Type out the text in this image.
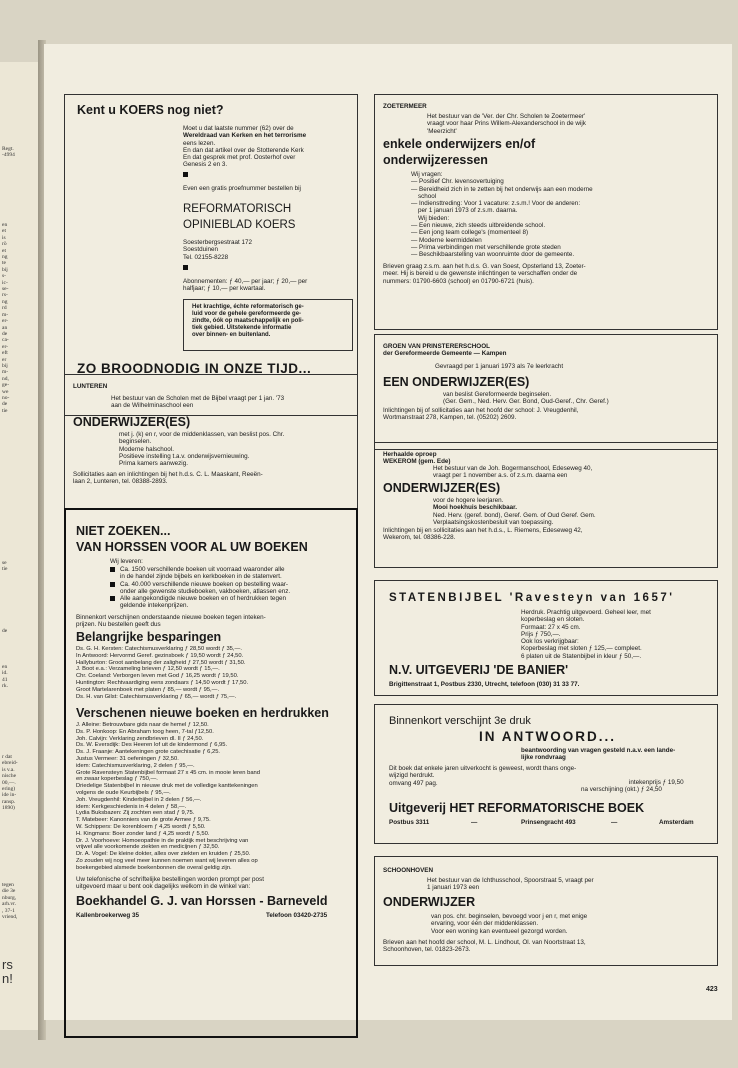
Regt.
-4994
en
et
is
rö
et
ng
te
bij
s-
ic-
se-
rs-
ng
rd
m-
er-
an
de
ca-
er-
eft
er
bij
m-
nd,
ge-
we
no-
de
tie
se
tie
de
en
id.
41
rk.
r dat
ebreid-
is v.a.
nische
00,—.
ering)
ide in-
ransp.
1890)
tegen
die 3e
nburg,
arh.vr.
, 37-1
vriend,
rs
n!
Kent u KOERS nog niet?
Moet u dat laatste nummer (62) over de
Wereldraad van Kerken en het terrorisme
eens lezen.
En dan dat artikel over de Stotterende Kerk
En dat gesprek met prof. Oosterhof over
Genesis 2 en 3.
Even een gratis proefnummer bestellen bij
REFORMATORISCH
OPINIEBLAD KOERS
Soesterbergsestraat 172
Soestduinen
Tel. 02155-8228
Abonnementen: ƒ 40,— per jaar; ƒ 20,— per
halfjaar; ƒ 10,— per kwartaal.
Het krachtige, échte reformatorisch ge-
luid voor de gehele gereformeerde ge-
zindte, óók op maatschappelijk en poli-
tiek gebied. Uitstekende informatie
over binnen- en buitenland.
ZO BROODNODIG IN ONZE TIJD...
LUNTEREN
Het bestuur van de Scholen met de Bijbel vraagt per 1 jan. '73
aan de Wilhelminaschool een
ONDERWIJZER(ES)
met j. (k) en r, voor de middenklassen, van beslist pos. Chr.
beginselen.
Moderne halschool.
Positieve instelling t.a.v. onderwijsvernieuwing.
Prima kamers aanwezig.
Sollicitaties aan en inlichtingen bij het h.d.s. C. L. Maaskant, Reeën-
laan 2, Lunteren, tel. 08388-2893.
NIET ZOEKEN...
VAN HORSSEN VOOR AL UW BOEKEN
Wij leveren:
Ca. 1500 verschillende boeken uit voorraad waaronder alle
in de handel zijnde bijbels en kerkboeken in de statenvert.
Ca. 40.000 verschillende nieuwe boeken op bestelling waar-
onder alle gewenste studieboeken, vakboeken, atlassen enz.
Alle aangekondigde nieuwe boeken en of herdrukken tegen
geldende intekenprijzen.
Binnenkort verschijnen onderstaande nieuwe boeken tegen inteken-
prijzen. Nu bestellen geeft dus
Belangrijke besparingen
Ds. G. H. Kersten: Catechismusverklaring ƒ 28,50 wordt ƒ 35,—.
In Antwoord: Hervormd Geref. gezinsboek ƒ 19,50 wordt ƒ 24,50.
Hallyburton: Groot aanbelang der zaligheid ƒ 27,50 wordt ƒ 31,50.
J. Boot e.a.: Verzameling brieven ƒ 12,50 wordt ƒ 15,—.
Chr. Coeland: Verborgen leven met God ƒ 16,25 wordt ƒ 19,50.
Huntington: Rechtvaardiging eens zondaars ƒ 14,50 wordt ƒ 17,50.
Groot Martelarenboek met platen ƒ 85,— wordt ƒ 95,—.
Ds. H. van Gilst: Catechismusverklaring ƒ 65,— wordt ƒ 75,—.
Verschenen nieuwe boeken en herdrukken
J. Alleine: Betrouwbare gids naar de hemel ƒ 12,50.
Ds. P. Honkoop: En Abraham toog heen, 7-tal ƒ12,50.
Joh. Calvijn: Verklaring zendbrieven dl. II ƒ 24,50.
Ds. W. Eversdijk: Des Heeren lof uit de kindermond ƒ 6,95.
Ds. J. Fraanje: Aantekeningen grote catechisatie ƒ 6,25.
Justus Vermeer: 31 oefeningen ƒ 32,50.
idem: Catechismusverklaring, 2 delen ƒ 95,—.
Grote Ravensteyn Statenbijbel formaat 27 x 45 cm. in mooie leren band
en zwaar koperbeslag ƒ 750,—.
Driedelige Statenbijbel in nieuwe druk met de volledige kanttekeningen
volgens de oude Keurbijbels ƒ 95,—.
Joh. Vreugdenhil: Kinderbijbel in 2 delen ƒ 56,—.
idem: Kerkgeschiedenis in 4 delen ƒ 58,—.
Lydia Buksbazen: Zij zochten een stad ƒ 9,75.
T. Matebeer: Kanonniers van de grote Armee ƒ 9,75.
W. Schippers: De korenbloem ƒ 4,25 wordt ƒ 5,50.
H. Kingmans: Boer zonder land ƒ 4,25 wordt ƒ 5,50.
Dr. J. Voorhoeve: Homoeopathie in de praktijk met beschrijving van
vrijwel alle voorkomende ziekten en medicijnen ƒ 32,50.
Dr. A. Vogel: De kleine dokter, alles over ziekten en kruiden ƒ 25,50.
Zo zouden wij nog veel meer kunnen noemen want wij leveren alles op
boekengebied alsmede boekenbonnen die overal geldig zijn.
Uw telefonische of schriftelijke bestellingen worden prompt per post
uitgevoerd maar u bent ook dagelijks welkom in de winkel van:
Boekhandel G. J. van Horssen - Barneveld
Kallenbroekerweg 35	Telefoon 03420-2735
ZOETERMEER
Het bestuur van de 'Ver. der Chr. Scholen te Zoetermeer'
vraagt voor haar Prins Willem-Alexanderschool in de wijk
'Meerzicht'
enkele onderwijzers en/of
onderwijzeressen
Wij vragen:
— Positief Chr. levensovertuiging
— Bereidheid zich in te zetten bij het onderwijs aan een moderne
school
— Indiensttreding: Voor 1 vacature: z.s.m.! Voor de anderen:
per 1 januari 1973 of z.s.m. daarna.
Wij bieden:
— Een nieuwe, zich steeds uitbreidende school.
— Een jong team college's (momenteel 8)
— Moderne leermiddelen
— Prima verbindingen met verschillende grote steden
— Beschikbaarstelling van woonruimte door de gemeente.
Brieven graag z.s.m. aan het h.d.s. G. van Soest, Opsterland 13, Zoeter-
meer. Hij is bereid u de gewenste inlichtingen te verschaffen onder de
nummers: 01790-6603 (school) en 01790-6721 (huis).
GROEN VAN PRINSTERERSCHOOL
der Gereformeerde Gemeente — Kampen
Gevraagd per 1 januari 1973 als 7e leerkracht
EEN ONDERWIJZER(ES)
van beslist Gereformeerde beginselen.
(Ger. Gem., Ned. Herv. Ger. Bond, Oud-Geref., Chr. Geref.)
Inlichtingen bij of sollicitaties aan het hoofd der school: J. Vreugdenhil,
Wortmanstraat 278, Kampen, tel. (05202) 2609.
Herhaalde oproep
WEKEROM (gem. Ede)
Het bestuur van de Joh. Bogermanschool, Edeseweg 40,
vraagt per 1 november a.s. of z.s.m. daarna een
ONDERWIJZER(ES)
voor de hogere leerjaren.
Mooi hoekhuis beschikbaar.
Ned. Herv. (geref. bond), Geref. Gem. of Oud Geref. Gem.
Verplaatsingskostenbesluit van toepassing.
Inlichtingen bij en sollicitaties aan het h.d.s., L. Riemens, Edeseweg 42,
Wekerom, tel. 08386-228.
STATENBIJBEL 'Ravesteyn van 1657'
Herdruk. Prachtig uitgevoerd. Geheel leer, met
koperbeslag en sloten.
Formaat: 27 x 45 cm.
Prijs ƒ 750,—.
Ook los verkrijgbaar:
Koperbeslag met sloten ƒ 125,— compleet.
6 platen uit de Statenbijbel in kleur ƒ 50,—.
N.V. UITGEVERIJ 'DE BANIER'
Brigittenstraat 1, Postbus 2330, Utrecht, telefoon (030) 31 33 77.
Binnenkort verschijnt 3e druk
IN ANTWOORD...
beantwoording van vragen gesteld n.a.v. een lande-
lijke rondvraag
Dit boek dat enkele jaren uitverkocht is geweest, wordt thans onge-
wijzigd herdrukt.
omvang 497 pag.	intekenprijs ƒ 19,50
na verschijning (okt.) ƒ 24,50
Uitgeverij HET REFORMATORISCHE BOEK
Postbus 3311	—	Prinsengracht 493	—	Amsterdam
SCHOONHOVEN
Het bestuur van de Ichthusschool, Spoorstraat 5, vraagt per
1 januari 1973 een
ONDERWIJZER
van pos. chr. beginselen, bevoegd voor j en r, met enige
ervaring, voor één der middenklassen.
Voor een woning kan eventueel gezorgd worden.
Brieven aan het hoofd der school, M. L. Lindhout, Ol. van Noortstraat 13,
Schoonhoven, tel. 01823-2673.
423
